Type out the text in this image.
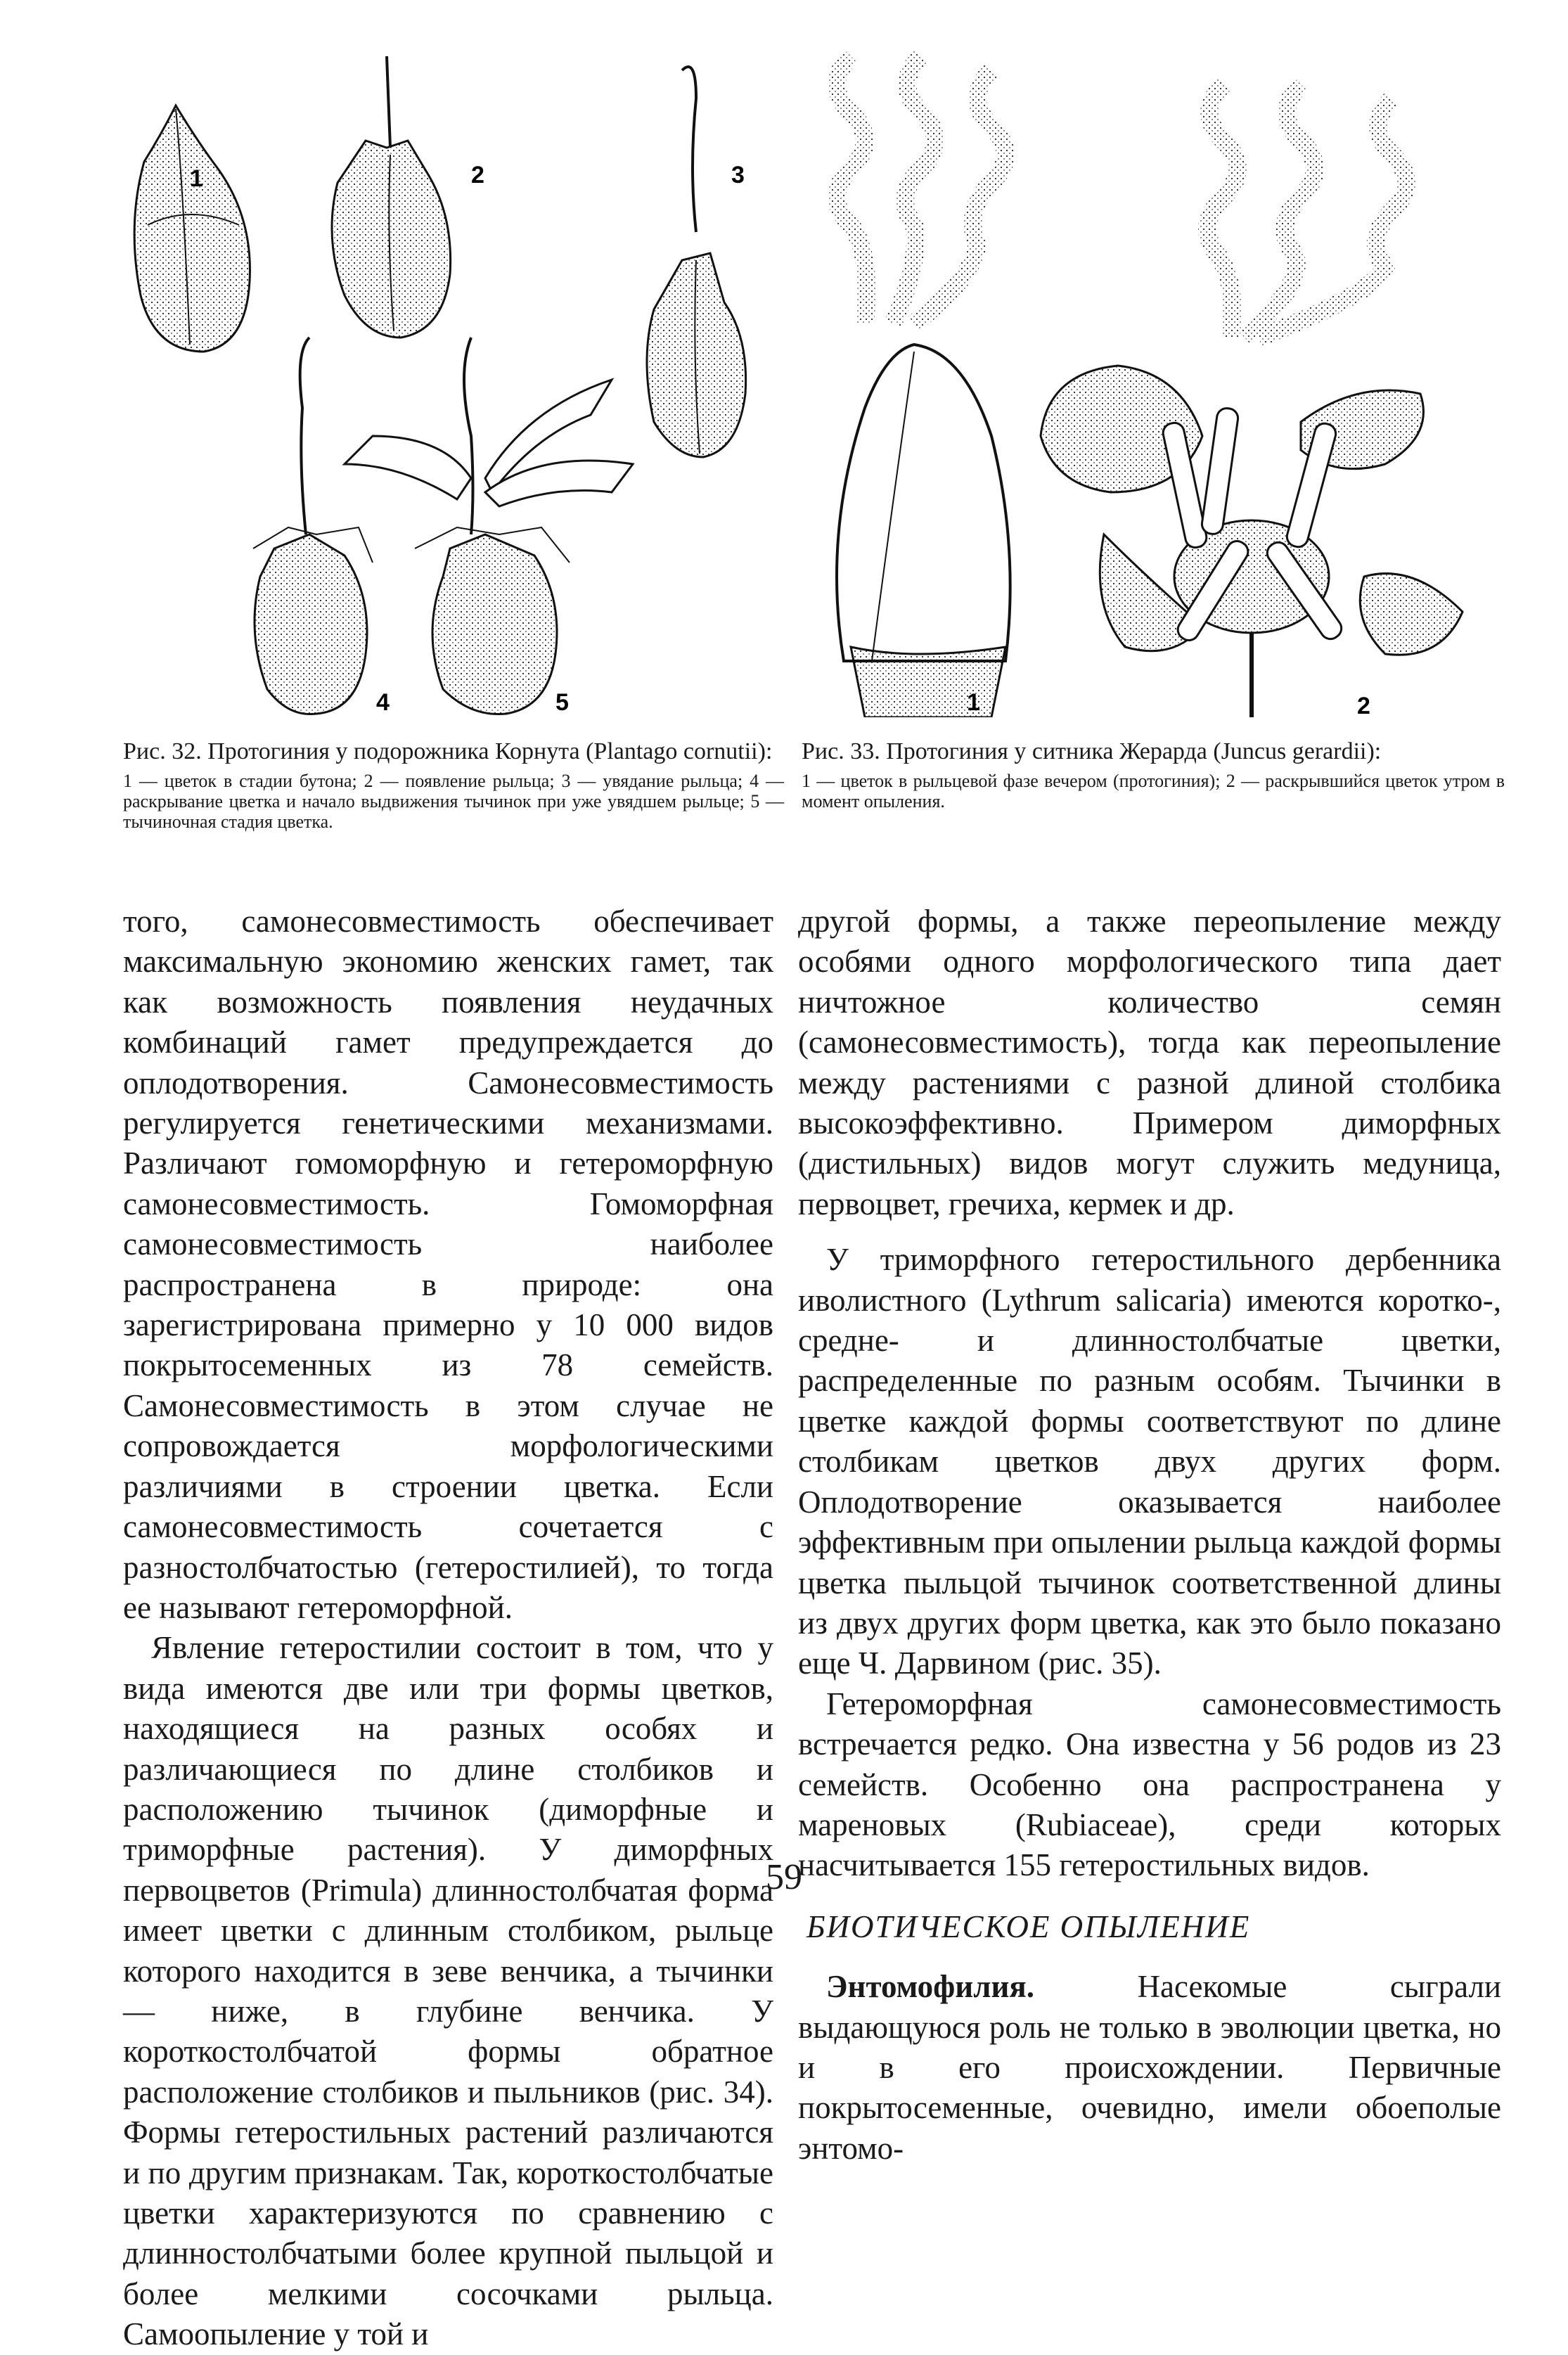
1	2	3
4	5	1	2

Рис. 32. Протогиния у подорожника Корнута (Plantago cornutii):

1 — цветок в стадии бутона; 2 — появление рыльца; 3 — увядание рыльца; 4 — раскрывание цветка и начало выдвижения тычинок при уже увядшем рыльце; 5 — тычиночная стадия цветка.

Рис. 33. Протогиния у ситника Жерарда (Juncus gerardii):

1 — цветок в рыльцевой фазе вечером (протогиния); 2 — раскрывшийся цветок утром в момент опыления.

того, самонесовместимость обеспечивает максимальную экономию женских гамет, так как возможность появления неудачных комбинаций гамет предупреждается до оплодотворения. Самонесовместимость регулируется генетическими механизмами. Различают гомоморфную и гетероморфную самонесовместимость. Гомоморфная самонесовместимость наиболее распространена в природе: она зарегистрирована примерно у 10 000 видов покрытосеменных из 78 семейств. Самонесовместимость в этом случае не сопровождается морфологическими различиями в строении цветка. Если самонесовместимость сочетается с разностолбчатостью (гетеростилией), то тогда ее называют гетероморфной.

Явление гетеростилии состоит в том, что у вида имеются две или три формы цветков, находящиеся на разных особях и различающиеся по длине столбиков и расположению тычинок (диморфные и триморфные растения). У диморфных первоцветов (Primula) длинностолбчатая форма имеет цветки с длинным столбиком, рыльце которого находится в зеве венчика, а тычинки — ниже, в глубине венчика. У короткостолбчатой формы обратное расположение столбиков и пыльников (рис. 34). Формы гетеростильных растений различаются и по другим признакам. Так, короткостолбчатые цветки характеризуются по сравнению с длинностолбчатыми более крупной пыльцой и более мелкими сосочками рыльца. Самоопыление у той и

другой формы, а также переопыление между особями одного морфологического типа дает ничтожное количество семян (самонесовместимость), тогда как переопыление между растениями с разной длиной столбика высокоэффективно. Примером диморфных (дистильных) видов могут служить медуница, первоцвет, гречиха, кермек и др.

У триморфного гетеростильного дербенника иволистного (Lythrum salicaria) имеются коротко-, средне- и длинностолбчатые цветки, распределенные по разным особям. Тычинки в цветке каждой формы соответствуют по длине столбикам цветков двух других форм. Оплодотворение оказывается наиболее эффективным при опылении рыльца каждой формы цветка пыльцой тычинок соответственной длины из двух других форм цветка, как это было показано еще Ч. Дарвином (рис. 35).

Гетероморфная самонесовместимость встречается редко. Она известна у 56 родов из 23 семейств. Особенно она распространена у мареновых (Rubiaceae), среди которых насчитывается 155 гетеростильных видов.

БИОТИЧЕСКОЕ ОПЫЛЕНИЕ

Энтомофилия. Насекомые сыграли выдающуюся роль не только в эволюции цветка, но и в его происхождении. Первичные покрытосеменные, очевидно, имели обоеполые энтомо-

59
